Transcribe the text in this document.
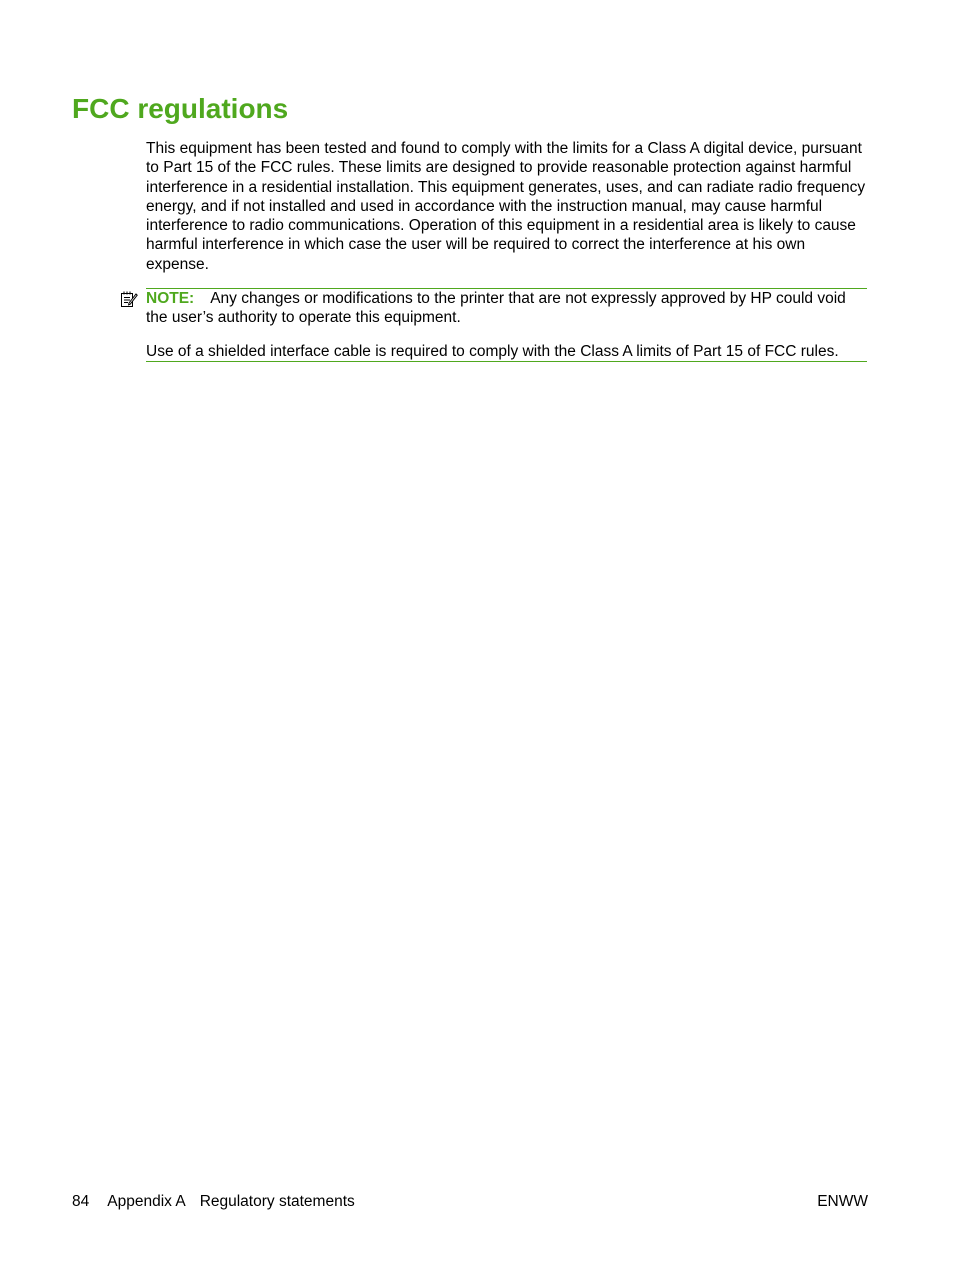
FCC regulations

This equipment has been tested and found to comply with the limits for a Class A digital device, pursuant to Part 15 of the FCC rules. These limits are designed to provide reasonable protection against harmful interference in a residential installation. This equipment generates, uses, and can radiate radio frequency energy, and if not installed and used in accordance with the instruction manual, may cause harmful interference to radio communications. Operation of this equipment in a residential area is likely to cause harmful interference in which case the user will be required to correct the interference at his own expense.

NOTE: Any changes or modifications to the printer that are not expressly approved by HP could void the user’s authority to operate this equipment.

Use of a shielded interface cable is required to comply with the Class A limits of Part 15 of FCC rules.

84 Appendix A Regulatory statements	ENWW
